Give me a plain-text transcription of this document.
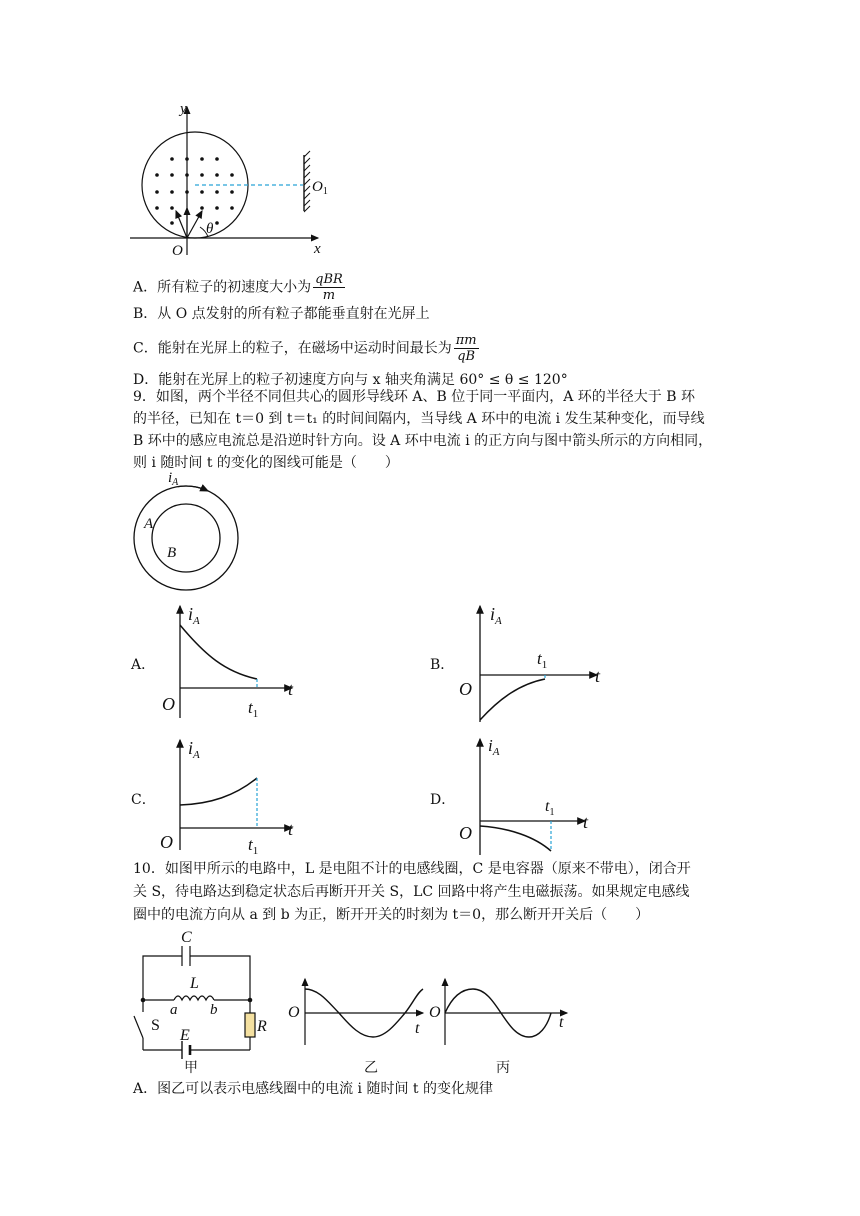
y
x
O
θ
$O_1$
A．所有粒子的初速度大小为 $\frac{\text{qBR}}{m}$
B．从 O 点发射的所有粒子都能垂直射在光屏上
C．能射在光屏上的粒子，在磁场中运动时间最长为 $\frac{\pi m}{qB}$
D．能射在光屏上的粒子初速度方向与 x 轴夹角满足 60° ≤ θ ≤ 120°
9．如图，两个半径不同但共心的圆形导线环 A、B 位于同一平面内，A 环的半径大于 B 环
的半径，已知在 t＝0 到 t＝t₁ 的时间间隔内，当导线 A 环中的电流 i 发生某种变化，而导线
B 环中的感应电流总是沿逆时针方向。设 A 环中电流 i 的正方向与图中箭头所示的方向相同，
则 i 随时间 t 的变化的图线可能是（　　）
$i_A$
A
B
A．
$i_A$
O
t
$t_1$
B．
$i_A$
O
t
$t_1$
C．
$i_A$
O
t
$t_1$
D．
$i_A$
O
t
$t_1$
10．如图甲所示的电路中，L 是电阻不计的电感线圈，C 是电容器（原来不带电），闭合开
关 S，待电路达到稳定状态后再断开开关 S，LC 回路中将产生电磁振荡。如果规定电感线
圈中的电流方向从 a 到 b 为正，断开开关的时刻为 t＝0，那么断开开关后（　　）
C
L
a b
S	R
E
甲
O
t
乙
O
t
丙
A．图乙可以表示电感线圈中的电流 i 随时间 t 的变化规律
